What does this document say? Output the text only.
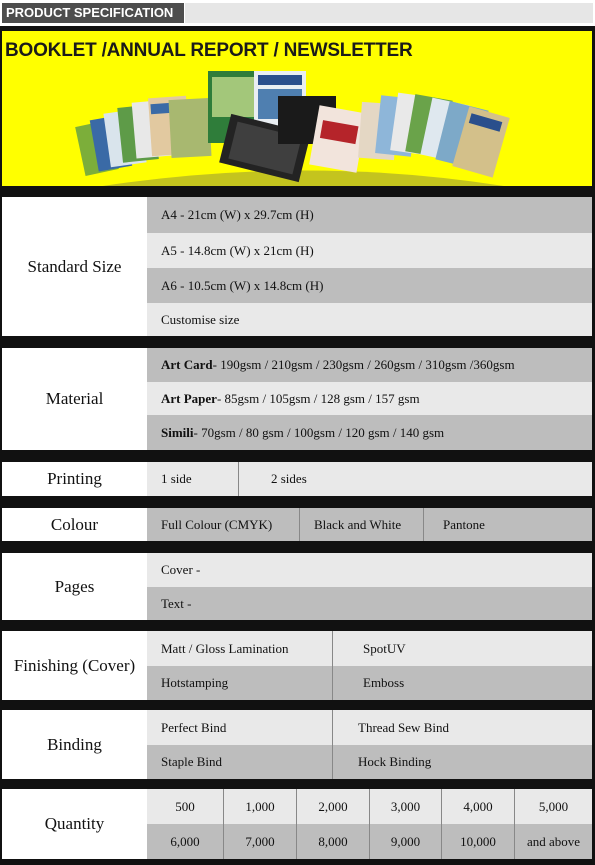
PRODUCT SPECIFICATION
BOOKLET /ANNUAL REPORT / NEWSLETTER
Standard Size
A4 - 21cm (W) x 29.7cm (H)
A5 - 14.8cm (W) x 21cm (H)
A6 - 10.5cm (W) x 14.8cm (H)
Customise size
Material
Art Card - 190gsm / 210gsm / 230gsm / 260gsm / 310gsm /360gsm
Art Paper - 85gsm / 105gsm / 128 gsm / 157 gsm
Simili - 70gsm / 80 gsm / 100gsm / 120 gsm / 140 gsm
Printing	1 side	2 sides
Colour	Full Colour (CMYK)	Black and White	Pantone
Pages
Cover -
Text -
Finishing (Cover)
Matt / Gloss Lamination	SpotUV
Hotstamping	Emboss
Binding
Perfect Bind	Thread Sew Bind
Staple Bind	Hock Binding
Quantity
500	1,000	2,000	3,000	4,000	5,000
6,000	7,000	8,000	9,000	10,000	and above
